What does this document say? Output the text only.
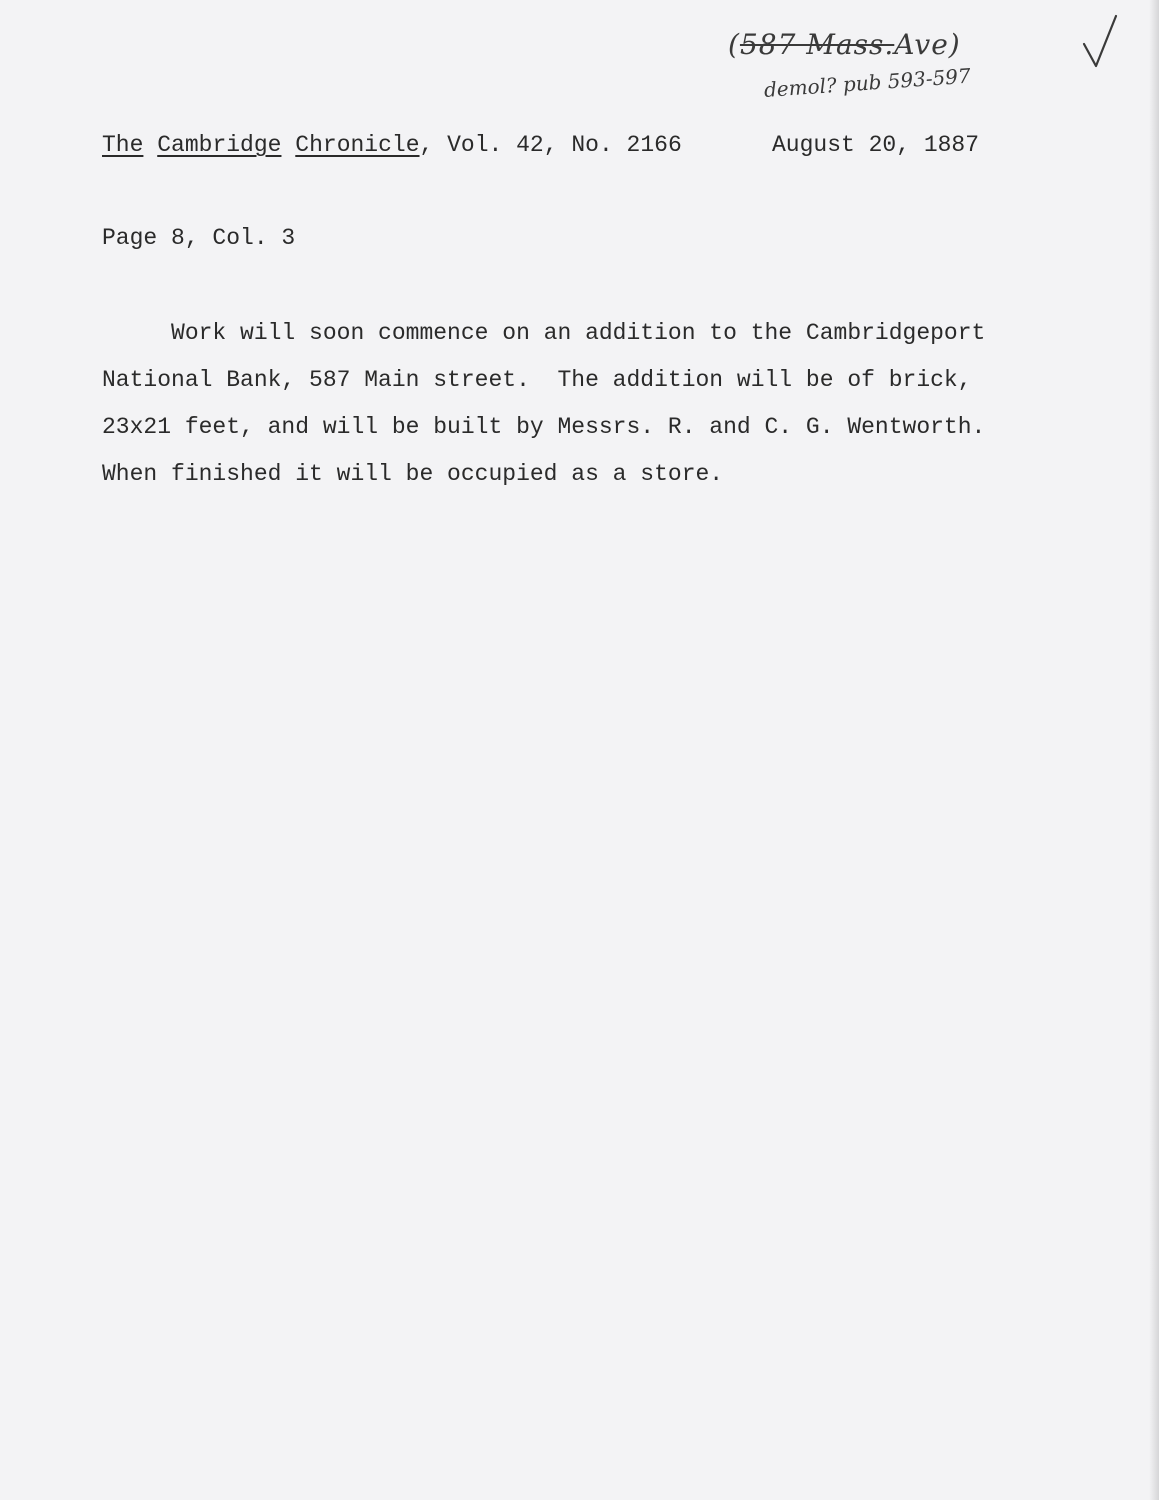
(587 Mass.Ave)
demol? pub 593-597
The Cambridge Chronicle, Vol. 42, No. 2166	August 20, 1887
Page 8, Col. 3
Work will soon commence on an addition to the Cambridgeport
National Bank, 587 Main street.  The addition will be of brick,
23x21 feet, and will be built by Messrs. R. and C. G. Wentworth.
When finished it will be occupied as a store.
